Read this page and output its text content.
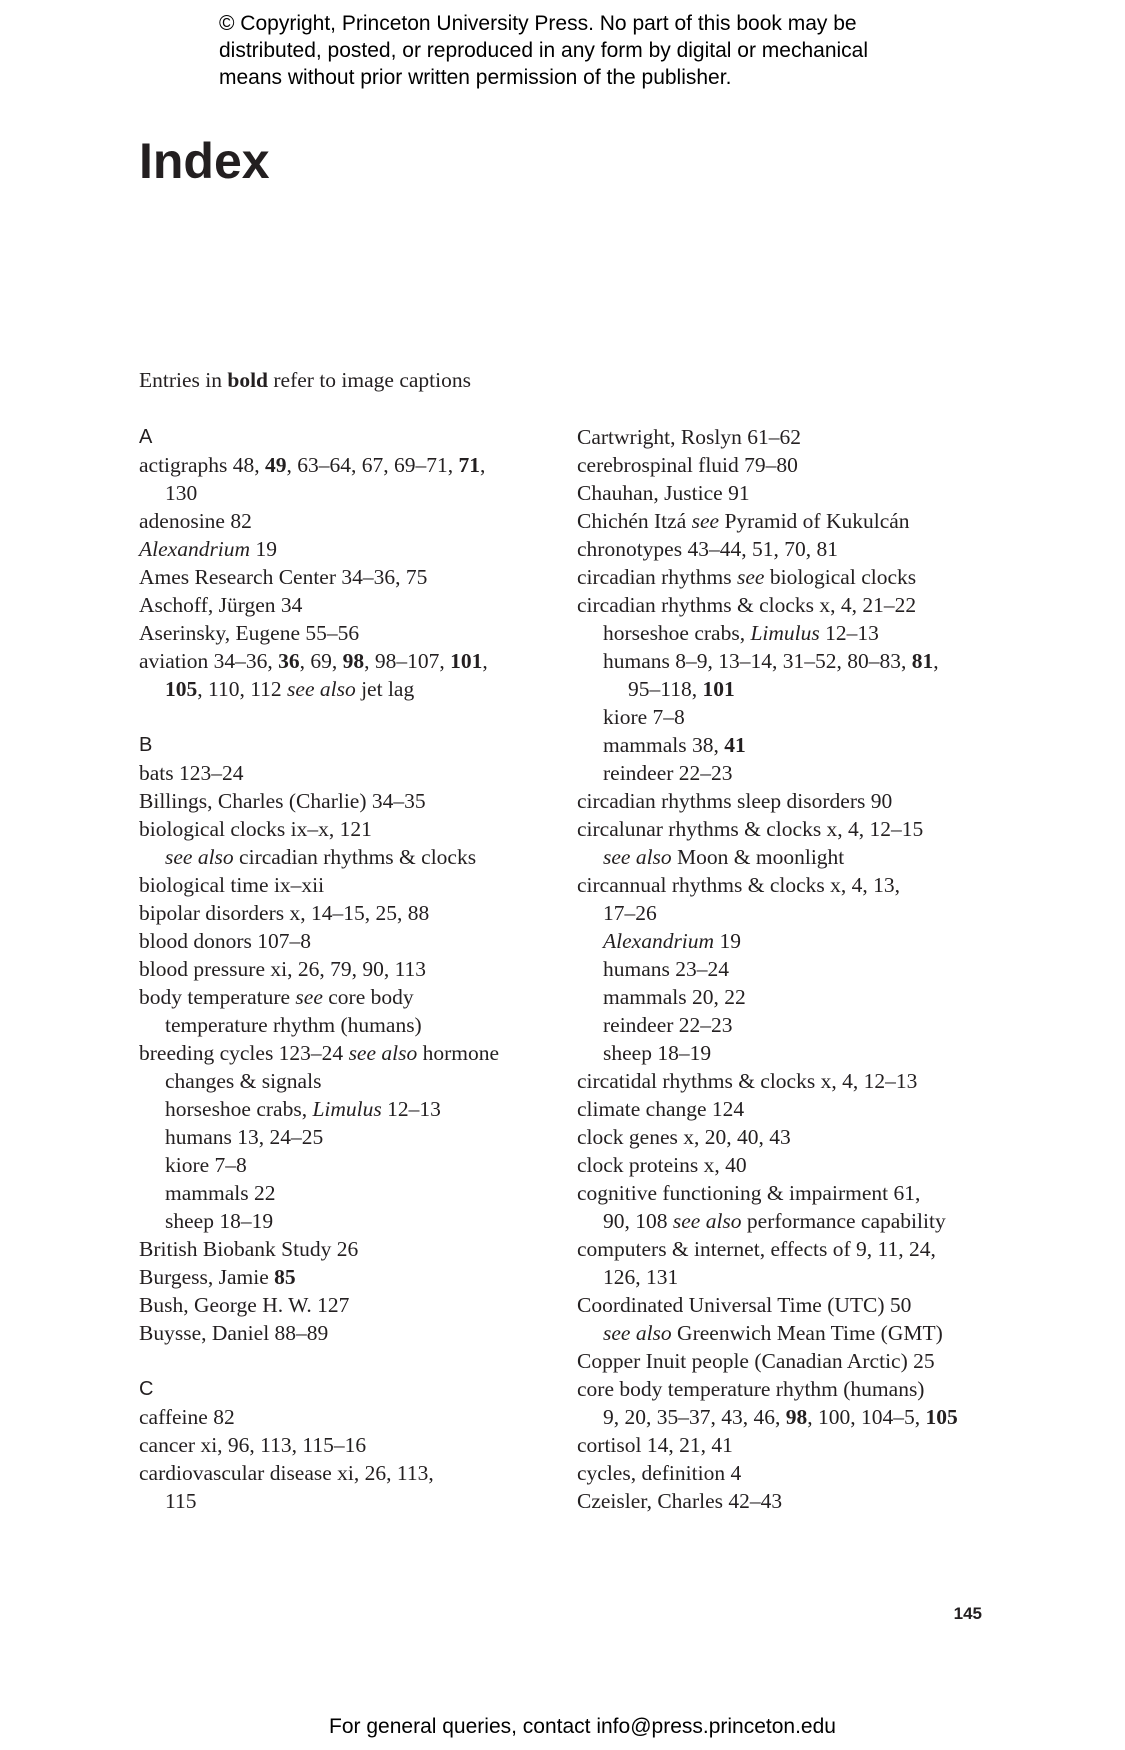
© Copyright, Princeton University Press. No part of this book may be
distributed, posted, or reproduced in any form by digital or mechanical
means without prior written permission of the publisher.
Index
Entries in bold refer to image captions
A
actigraphs 48, 49, 63–64, 67, 69–71, 71,
130
adenosine 82
Alexandrium 19
Ames Research Center 34–36, 75
Aschoff, Jürgen 34
Aserinsky, Eugene 55–56
aviation 34–36, 36, 69, 98, 98–107, 101,
105, 110, 112 see also jet lag
B
bats 123–24
Billings, Charles (Charlie) 34–35
biological clocks ix–x, 121
see also circadian rhythms & clocks
biological time ix–xii
bipolar disorders x, 14–15, 25, 88
blood donors 107–8
blood pressure xi, 26, 79, 90, 113
body temperature see core body
temperature rhythm (humans)
breeding cycles 123–24 see also hormone
changes & signals
horseshoe crabs, Limulus 12–13
humans 13, 24–25
kiore 7–8
mammals 22
sheep 18–19
British Biobank Study 26
Burgess, Jamie 85
Bush, George H. W. 127
Buysse, Daniel 88–89
C
caffeine 82
cancer xi, 96, 113, 115–16
cardiovascular disease xi, 26, 113,
115
Cartwright, Roslyn 61–62
cerebrospinal fluid 79–80
Chauhan, Justice 91
Chichén Itzá see Pyramid of Kukulcán
chronotypes 43–44, 51, 70, 81
circadian rhythms see biological clocks
circadian rhythms & clocks x, 4, 21–22
horseshoe crabs, Limulus 12–13
humans 8–9, 13–14, 31–52, 80–83, 81,
95–118, 101
kiore 7–8
mammals 38, 41
reindeer 22–23
circadian rhythms sleep disorders 90
circalunar rhythms & clocks x, 4, 12–15
see also Moon & moonlight
circannual rhythms & clocks x, 4, 13,
17–26
Alexandrium 19
humans 23–24
mammals 20, 22
reindeer 22–23
sheep 18–19
circatidal rhythms & clocks x, 4, 12–13
climate change 124
clock genes x, 20, 40, 43
clock proteins x, 40
cognitive functioning & impairment 61,
90, 108 see also performance capability
computers & internet, effects of 9, 11, 24,
126, 131
Coordinated Universal Time (UTC) 50
see also Greenwich Mean Time (GMT)
Copper Inuit people (Canadian Arctic) 25
core body temperature rhythm (humans)
9, 20, 35–37, 43, 46, 98, 100, 104–5, 105
cortisol 14, 21, 41
cycles, definition 4
Czeisler, Charles 42–43
145
For general queries, contact info@press.princeton.edu
